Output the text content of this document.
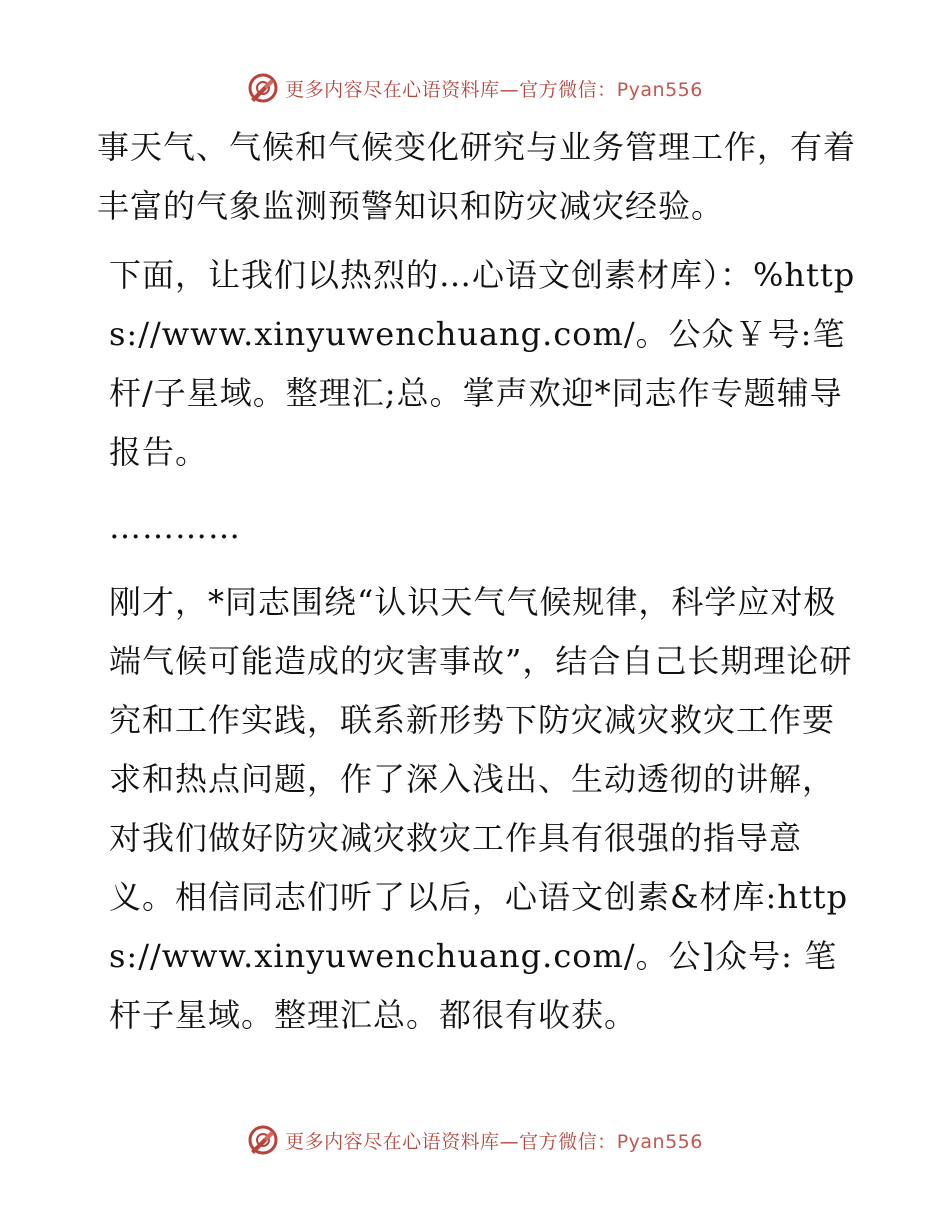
更多内容尽在心语资料库—官方微信：Pyan556

事天气、气候和气候变化研究与业务管理工作，有着丰富的气象监测预警知识和防灾减灾经验。

下面，让我们以热烈的…心语文创素材库）：%https://www.xinyuwenchuang.com/。公众￥号:笔杆/子星域。整理汇;总。掌声欢迎*同志作专题辅导报告。

…………

刚才，*同志围绕“认识天气气候规律，科学应对极端气候可能造成的灾害事故”，结合自己长期理论研究和工作实践，联系新形势下防灾减灾救灾工作要求和热点问题，作了深入浅出、生动透彻的讲解，对我们做好防灾减灾救灾工作具有很强的指导意义。相信同志们听了以后，心语文创素&材库:https://www.xinyuwenchuang.com/。公]众号: 笔杆子星域。整理汇总。都很有收获。

更多内容尽在心语资料库—官方微信：Pyan556
